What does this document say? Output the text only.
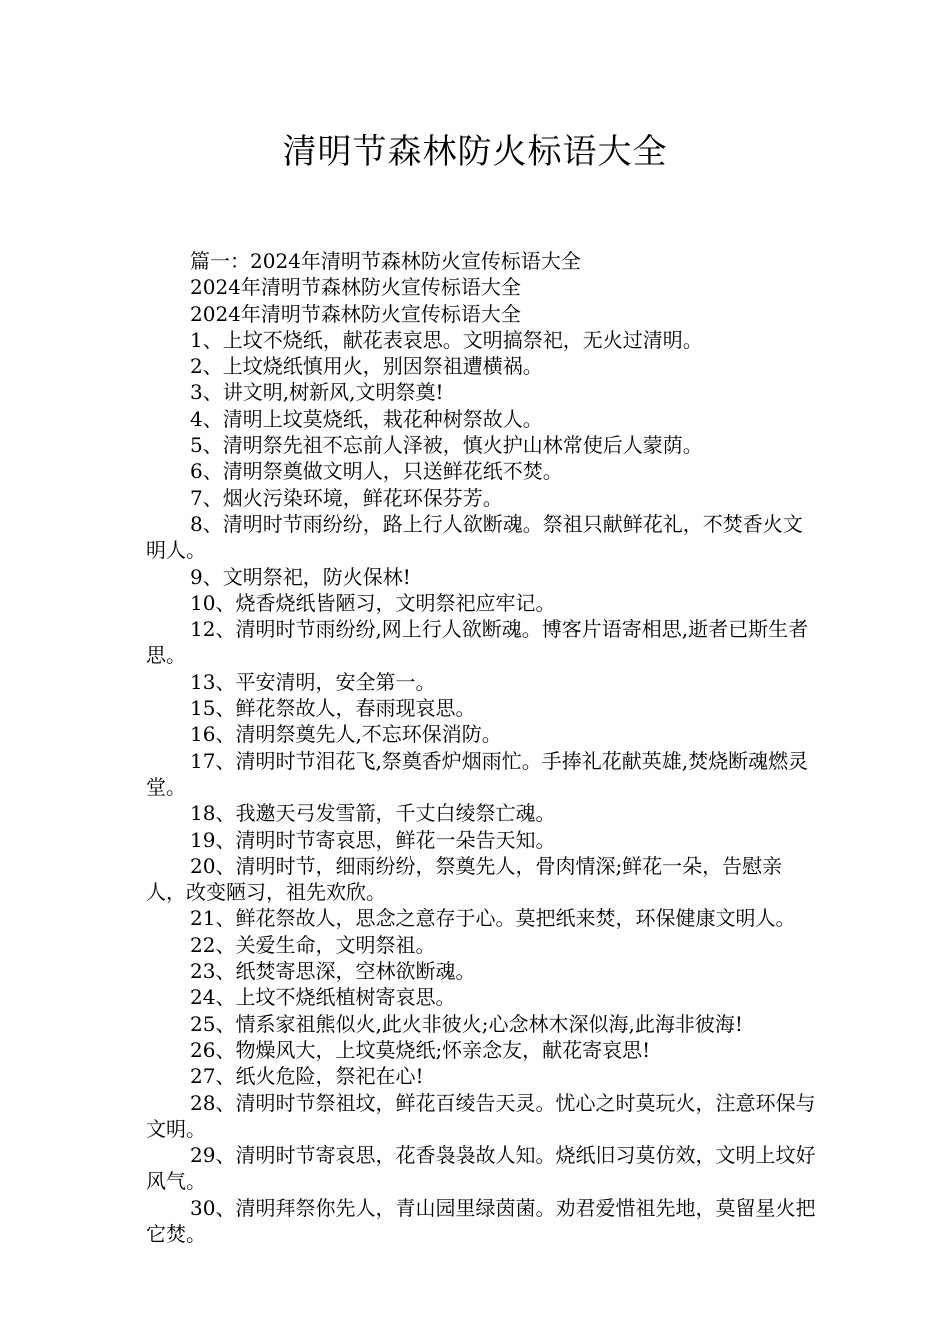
清明节森林防火标语大全

篇一：2024年清明节森林防火宣传标语大全

2024年清明节森林防火宣传标语大全

2024年清明节森林防火宣传标语大全

1、上坟不烧纸，献花表哀思。文明搞祭祀，无火过清明。

2、上坟烧纸慎用火，别因祭祖遭横祸。

3、讲文明,树新风,文明祭奠!

4、清明上坟莫烧纸，栽花种树祭故人。

5、清明祭先祖不忘前人泽被，慎火护山林常使后人蒙荫。

6、清明祭奠做文明人，只送鲜花纸不焚。

7、烟火污染环境，鲜花环保芬芳。

8、清明时节雨纷纷，路上行人欲断魂。祭祖只献鲜花礼，不焚香火文明人。

9、文明祭祀，防火保林!

10、烧香烧纸皆陋习，文明祭祀应牢记。

12、清明时节雨纷纷,网上行人欲断魂。博客片语寄相思,逝者已斯生者思。

13、平安清明，安全第一。

15、鲜花祭故人，春雨现哀思。

16、清明祭奠先人,不忘环保消防。

17、清明时节泪花飞,祭奠香炉烟雨忙。手捧礼花献英雄,焚烧断魂燃灵堂。

18、我邀天弓发雪箭，千丈白绫祭亡魂。

19、清明时节寄哀思，鲜花一朵告天知。

20、清明时节，细雨纷纷，祭奠先人，骨肉情深;鲜花一朵，告慰亲人，改变陋习，祖先欢欣。

21、鲜花祭故人，思念之意存于心。莫把纸来焚，环保健康文明人。

22、关爱生命，文明祭祖。

23、纸焚寄思深，空林欲断魂。

24、上坟不烧纸植树寄哀思。

25、情系家祖熊似火,此火非彼火;心念林木深似海,此海非彼海!

26、物燥风大，上坟莫烧纸;怀亲念友，献花寄哀思!

27、纸火危险，祭祀在心!

28、清明时节祭祖坟，鲜花百绫告天灵。忧心之时莫玩火，注意环保与文明。

29、清明时节寄哀思，花香袅袅故人知。烧纸旧习莫仿效，文明上坟好风气。

30、清明拜祭你先人，青山园里绿茵菌。劝君爱惜祖先地，莫留星火把它焚。
